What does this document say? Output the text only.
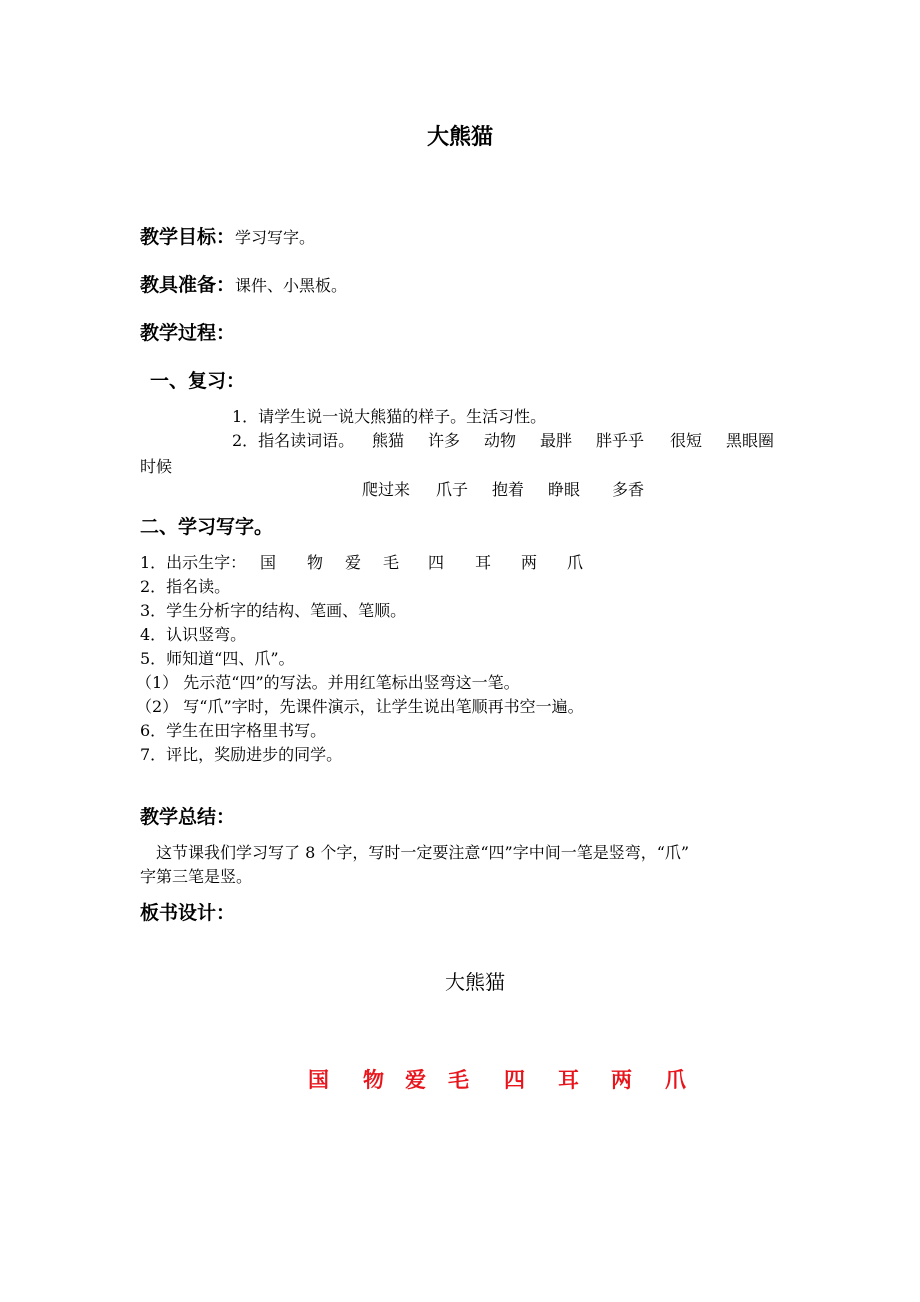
大熊猫
教学目标：学习写字。
教具准备：课件、小黑板。
教学过程：
一、复习：
1．请学生说一说大熊猫的样子。生活习性。
2．指名读词语。 熊猫 许多 动物 最胖 胖乎乎 很短 黑眼圈
时候
爬过来 爪子 抱着 睁眼 多香
二、学习写字。
1．出示生字： 国 物 爱 毛 四 耳 两 爪
2．指名读。
3．学生分析字的结构、笔画、笔顺。
4．认识竖弯。
5．师知道“四、爪”。
（1） 先示范“四”的写法。并用红笔标出竖弯这一笔。
（2） 写“爪”字时，先课件演示，让学生说出笔顺再书空一遍。
6．学生在田字格里书写。
7．评比，奖励进步的同学。
教学总结：
这节课我们学习写了 8 个字，写时一定要注意“四”字中间一笔是竖弯，“爪”
字第三笔是竖。
板书设计：
大熊猫
国 物 爱 毛 四 耳 两 爪
